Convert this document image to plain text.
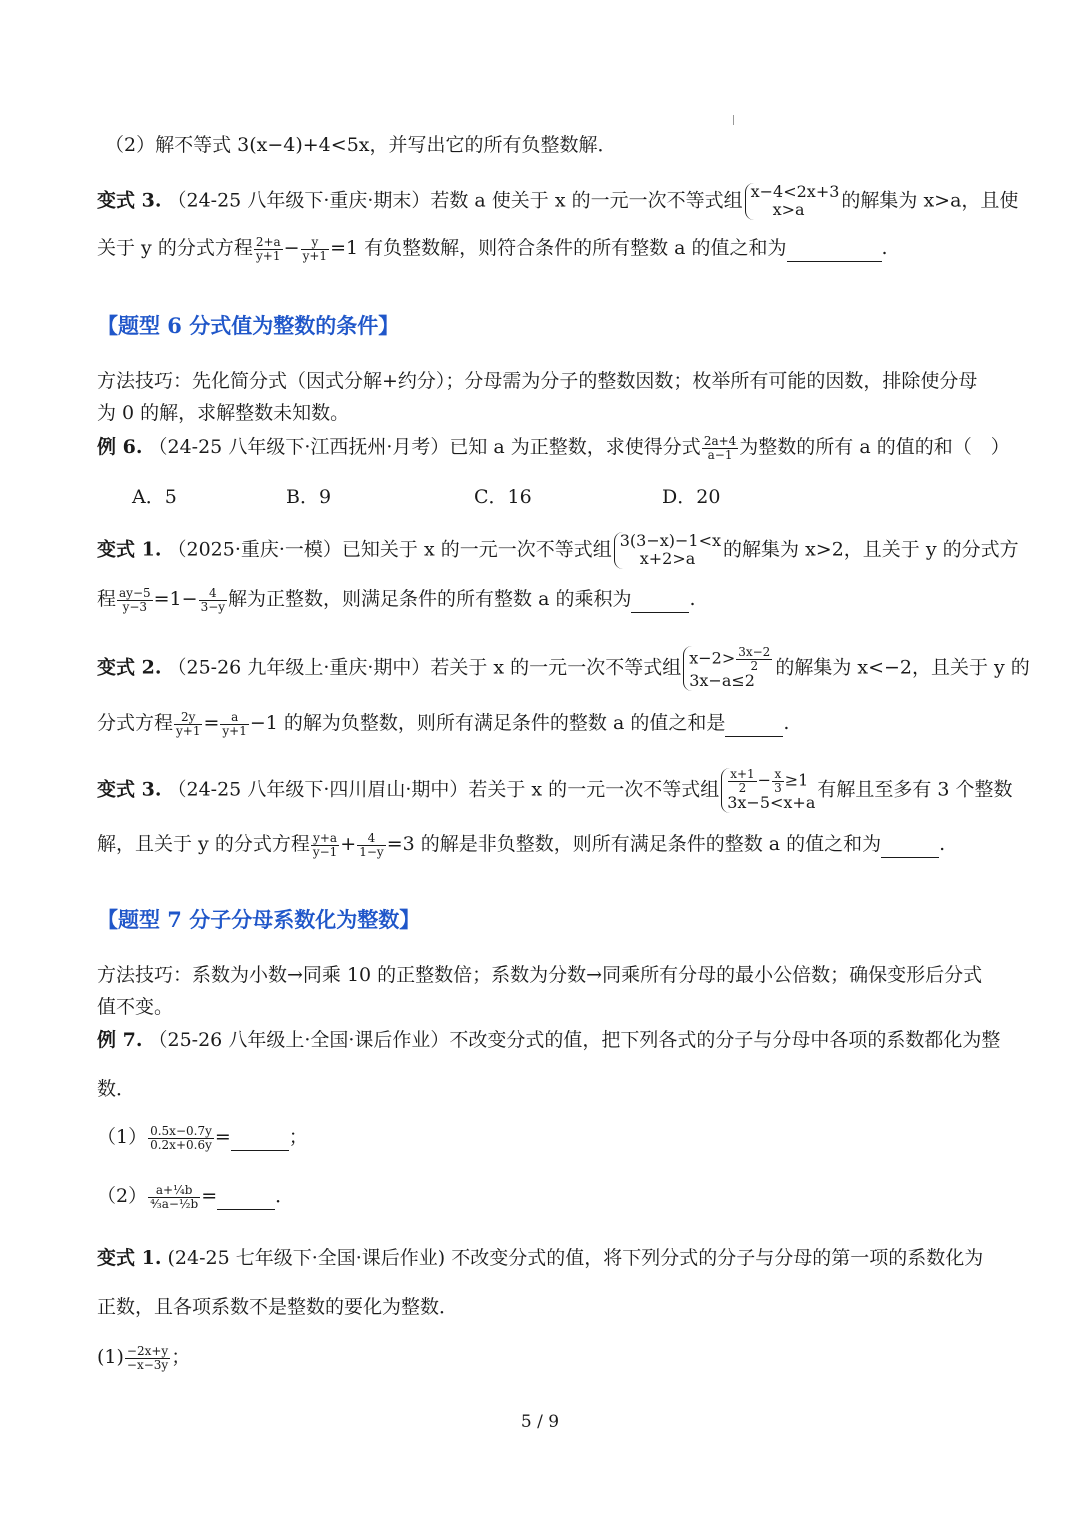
（2）解不等式 3(x−4)+4<5x，并写出它的所有负整数解．
变式 3. （24-25 八年级下·重庆·期末）若数 a 使关于 x 的一元一次不等式组 x−4<2x+3
x>a	的解集为 x>a，且使
关于 y 的分式方程 $\frac{2+a}{y+1} - \frac{y}{y+1} =1$ 有负整数解，则符合条件的所有整数 a 的值之和为	.
【题型 6 分式值为整数的条件】
方法技巧：先化简分式（因式分解+约分）；分母需为分子的整数因数；枚举所有可能的因数，排除使分母
为 0 的解，求解整数未知数。
例 6. （24-25 八年级下·江西抚州·月考）已知 a 为正整数，求使得分式 $\frac{2a+4}{a-1}$ 为整数的所有 a 的值的和（　）
A．5	B．9	C．16	D．20
变式 1. （2025·重庆·一模）已知关于 x 的一元一次不等式组 3(3−x)−1<x
x+2>a	的解集为 x>2，且关于 y 的分式方
程 $\frac{ay-5}{y-3} =1- \frac{4}{3-y}$ 解为正整数，则满足条件的所有整数 a 的乘积为	.
变式 2. （25-26 九年级上·重庆·期中）若关于 x 的一元一次不等式组 $x-2> \frac{3x-2}{2}$
3x−a≤2
的解集为 x<−2，且关于 y 的
分式方程 $\frac{2y}{y+1} = \frac{a}{y+1} -1$ 的解为负整数，则所有满足条件的整数 a 的值之和是	.
变式 3. （24-25 八年级下·四川眉山·期中）若关于 x 的一元一次不等式组 $\frac{x+1}{2} - \frac{x}{3} \ge 1$
3x−5<x+a
有解且至多有 3 个整数
解，且关于 y 的分式方程 $\frac{y+a}{y-1} + \frac{4}{1-y} =3$ 的解是非负整数，则所有满足条件的整数 a 的值之和为	.
【题型 7 分子分母系数化为整数】
方法技巧：系数为小数→同乘 10 的正整数倍；系数为分数→同乘所有分母的最小公倍数；确保变形后分式
值不变。
例 7. （25-26 八年级上·全国·课后作业）不改变分式的值，把下列各式的分子与分母中各项的系数都化为整
数．
$(1) \frac{0.5x-0.7y}{0.2x+0.6y}$ =	；
$(2) \frac{\text{a+¼b}}{\text{⁴⁄₃a−½b}}$ =	．
变式 1. (24-25 七年级下·全国·课后作业) 不改变分式的值，将下列分式的分子与分母的第一项的系数化为
正数，且各项系数不是整数的要化为整数．
$(1) \frac{-2x+y}{-x-3y}$ ；
5 / 9
